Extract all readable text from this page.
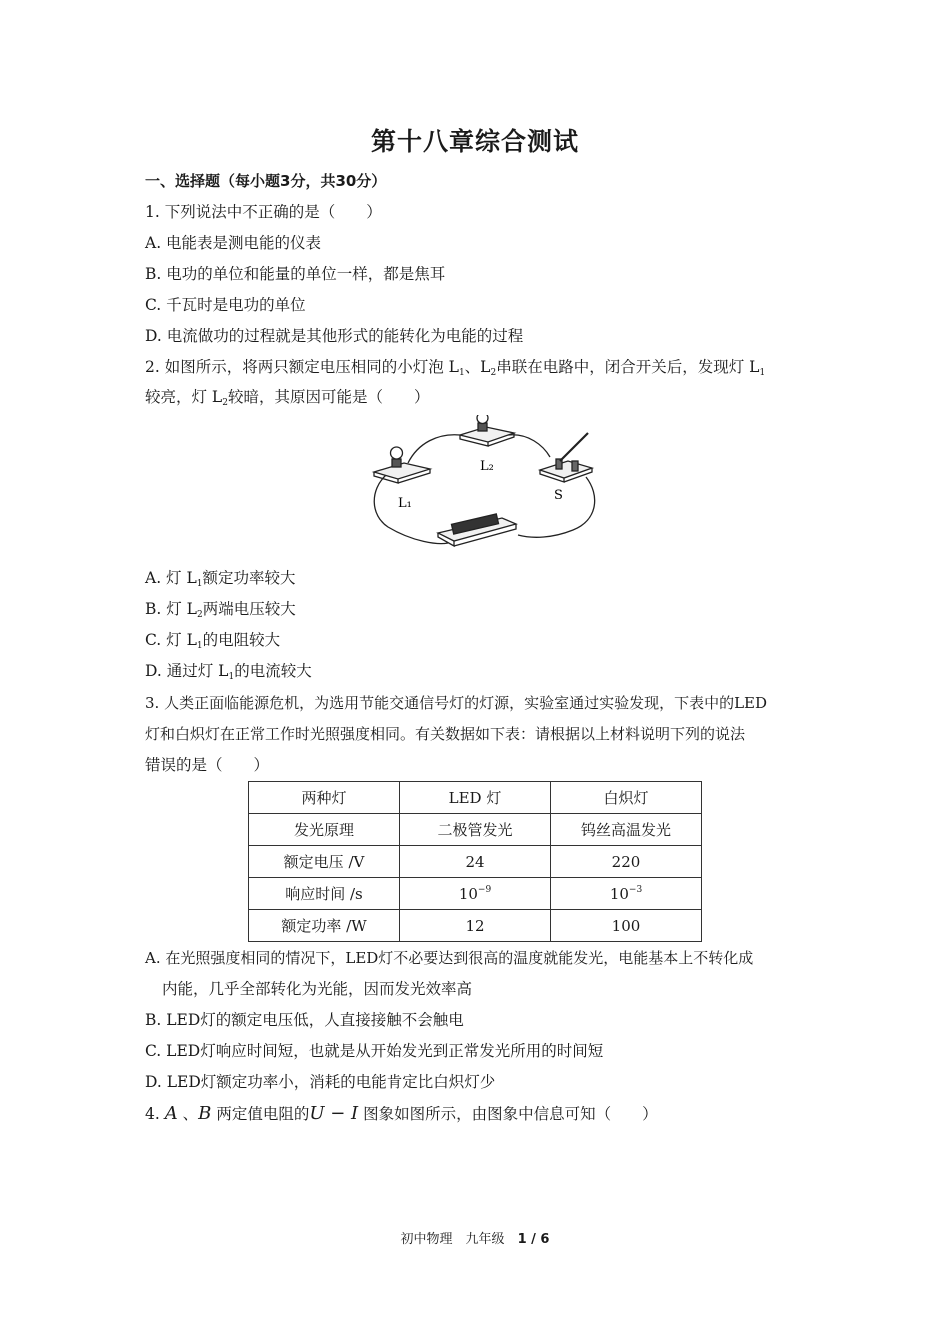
第十八章综合测试
一、选择题（每小题3分，共30分）
1. 下列说法中不正确的是（　　）
A. 电能表是测电能的仪表
B. 电功的单位和能量的单位一样，都是焦耳
C. 千瓦时是电功的单位
D. 电流做功的过程就是其他形式的能转化为电能的过程
2. 如图所示，将两只额定电压相同的小灯泡 $L_1$、$L_2$串联在电路中，闭合开关后，发现灯 $L_1$
较亮，灯 $L_2$较暗，其原因可能是（　　）
L₁
L₂
S
A. 灯 $L_1$额定功率较大
B. 灯 $L_2$两端电压较大
C. 灯 $L_1$的电阻较大
D. 通过灯 $L_1$的电流较大
3. 人类正面临能源危机，为选用节能交通信号灯的灯源，实验室通过实验发现，下表中的LED
灯和白炽灯在正常工作时光照强度相同。有关数据如下表：请根据以上材料说明下列的说法
错误的是（　　）
两种灯	LED 灯	白炽灯
发光原理	二极管发光	钨丝高温发光
额定电压 /V	24	220
响应时间 /s	$10^{-9}$	$10^{-3}$
额定功率 /W	12	100
A. 在光照强度相同的情况下，LED灯不必要达到很高的温度就能发光，电能基本上不转化成
内能，几乎全部转化为光能，因而发光效率高
B. LED灯的额定电压低，人直接接触不会触电
C. LED灯响应时间短，也就是从开始发光到正常发光所用的时间短
D. LED灯额定功率小，消耗的电能肯定比白炽灯少
4. A 、B 两定值电阻的U − I 图象如图所示，由图象中信息可知（　　）
初中物理　九年级　1 / 6
